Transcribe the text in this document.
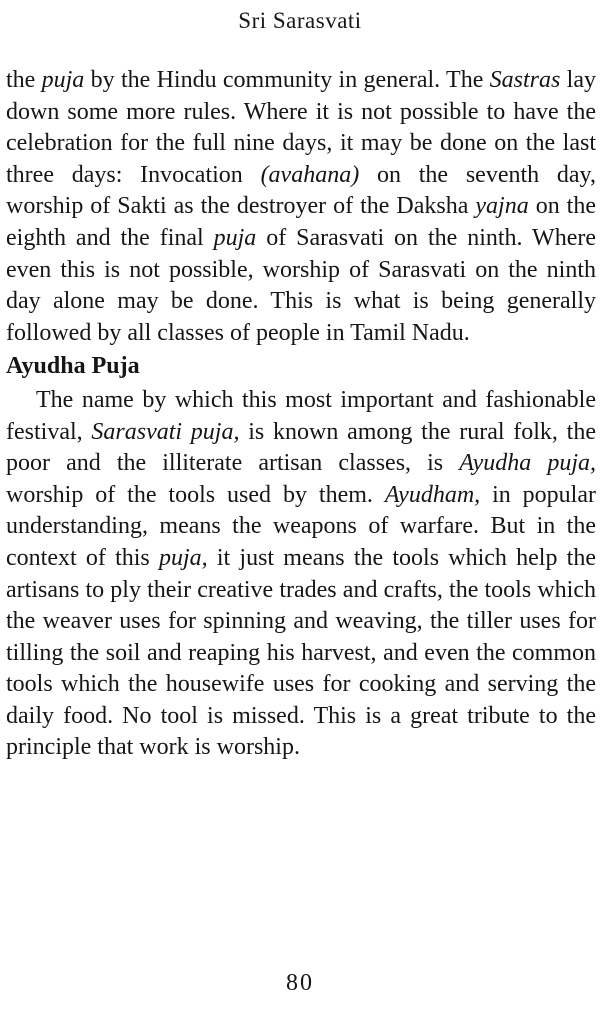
Sri Sarasvati

the puja by the Hindu community in general. The Sastras lay down some more rules. Where it is not possible to have the celebration for the full nine days, it may be done on the last three days: Invocation (avahana) on the seventh day, worship of Sakti as the destroyer of the Daksha yajna on the eighth and the final puja of Sarasvati on the ninth. Where even this is not possible, worship of Sarasvati on the ninth day alone may be done. This is what is being generally followed by all classes of people in Tamil Nadu.

Ayudha Puja

The name by which this most important and fashionable festival, Sarasvati puja, is known among the rural folk, the poor and the illiterate artisan classes, is Ayudha puja, worship of the tools used by them. Ayudham, in popular understanding, means the weapons of warfare. But in the context of this puja, it just means the tools which help the artisans to ply their creative trades and crafts, the tools which the weaver uses for spinning and weaving, the tiller uses for tilling the soil and reaping his harvest, and even the common tools which the housewife uses for cooking and serving the daily food. No tool is missed. This is a great tribute to the principle that work is worship.

80
